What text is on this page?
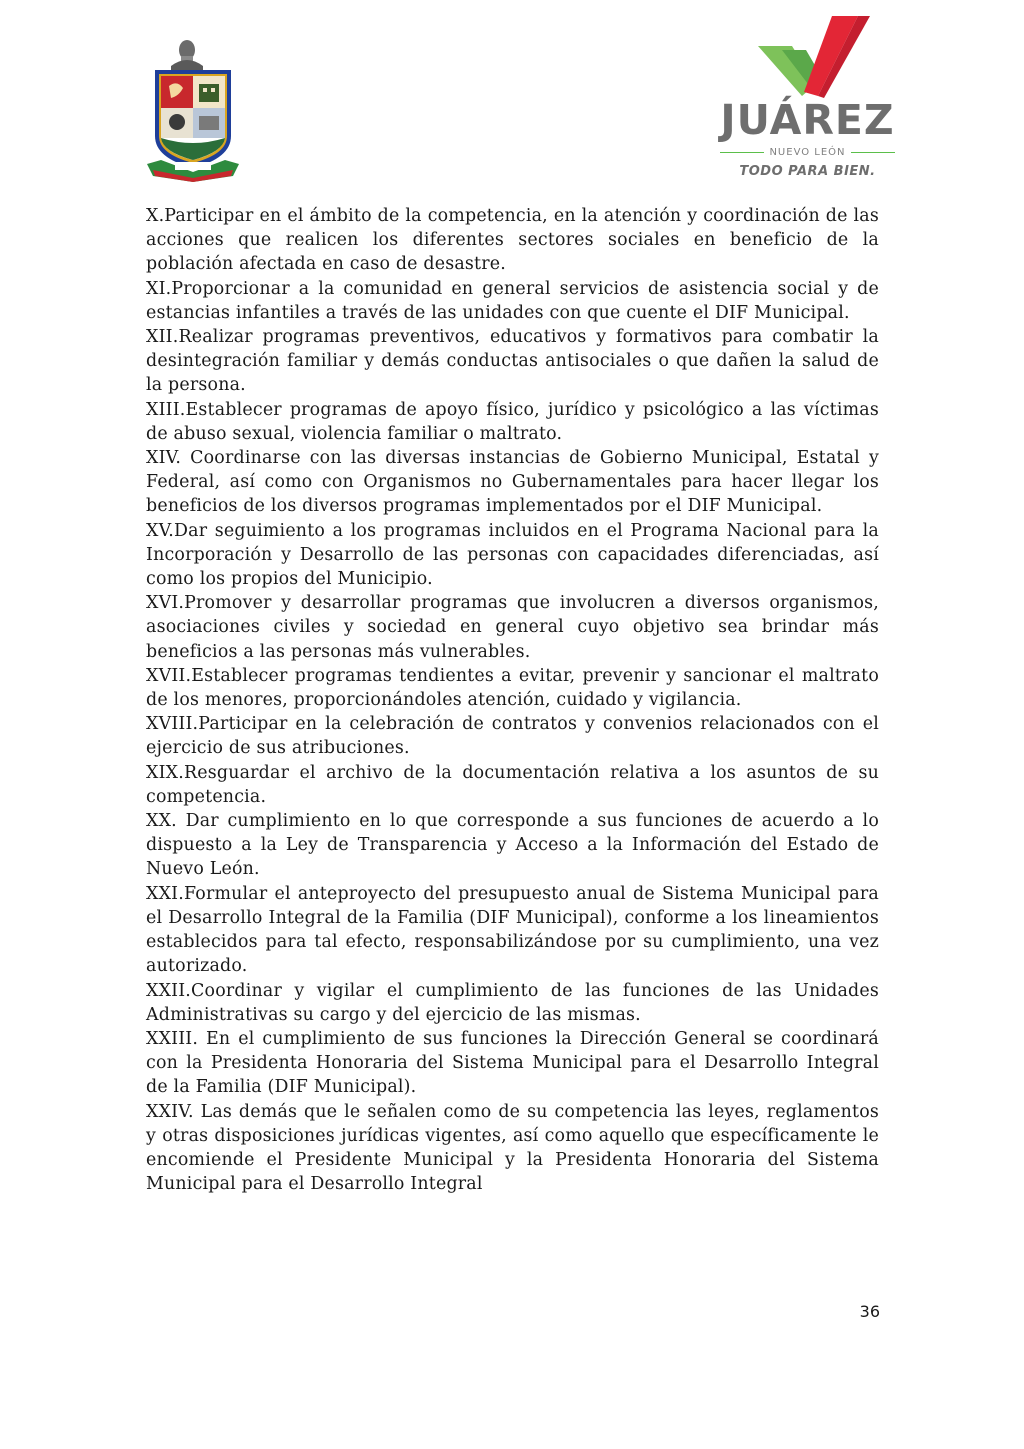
JUÁREZ
NUEVO LEÓN
TODO PARA BIEN.

X.Participar en el ámbito de la competencia, en la atención y coordinación de las acciones que realicen los diferentes sectores sociales en beneficio de la población afectada en caso de desastre.

XI.Proporcionar a la comunidad en general servicios de asistencia social y de estancias infantiles a través de las unidades con que cuente el DIF Municipal.

XII.Realizar programas preventivos, educativos y formativos para combatir la desintegración familiar y demás conductas antisociales o que dañen la salud de la persona.

XIII.Establecer programas de apoyo físico, jurídico y psicológico a las víctimas de abuso sexual, violencia familiar o maltrato.

XIV. Coordinarse con las diversas instancias de Gobierno Municipal, Estatal y Federal, así como con Organismos no Gubernamentales para hacer llegar los beneficios de los diversos programas implementados por el DIF Municipal.

XV.Dar seguimiento a los programas incluidos en el Programa Nacional para la Incorporación y Desarrollo de las personas con capacidades diferenciadas, así como los propios del Municipio.

XVI.Promover y desarrollar programas que involucren a diversos organismos, asociaciones civiles y sociedad en general cuyo objetivo sea brindar más beneficios a las personas más vulnerables.

XVII.Establecer programas tendientes a evitar, prevenir y sancionar el maltrato de los menores, proporcionándoles atención, cuidado y vigilancia.

XVIII.Participar en la celebración de contratos y convenios relacionados con el ejercicio de sus atribuciones.

XIX.Resguardar el archivo de la documentación relativa a los asuntos de su competencia.

XX. Dar cumplimiento en lo que corresponde a sus funciones de acuerdo a lo dispuesto a la Ley de Transparencia y Acceso a la Información del Estado de Nuevo León.

XXI.Formular el anteproyecto del presupuesto anual de Sistema Municipal para el Desarrollo Integral de la Familia (DIF Municipal), conforme a los lineamientos establecidos para tal efecto, responsabilizándose por su cumplimiento, una vez autorizado.

XXII.Coordinar y vigilar el cumplimiento de las funciones de las Unidades Administrativas su cargo y del ejercicio de las mismas.

XXIII. En el cumplimiento de sus funciones la Dirección General se coordinará con la Presidenta Honoraria del Sistema Municipal para el Desarrollo Integral de la Familia (DIF Municipal).

XXIV. Las demás que le señalen como de su competencia las leyes, reglamentos y otras disposiciones jurídicas vigentes, así como aquello que específicamente le encomiende el Presidente Municipal y la Presidenta Honoraria del Sistema Municipal para el Desarrollo Integral

36
